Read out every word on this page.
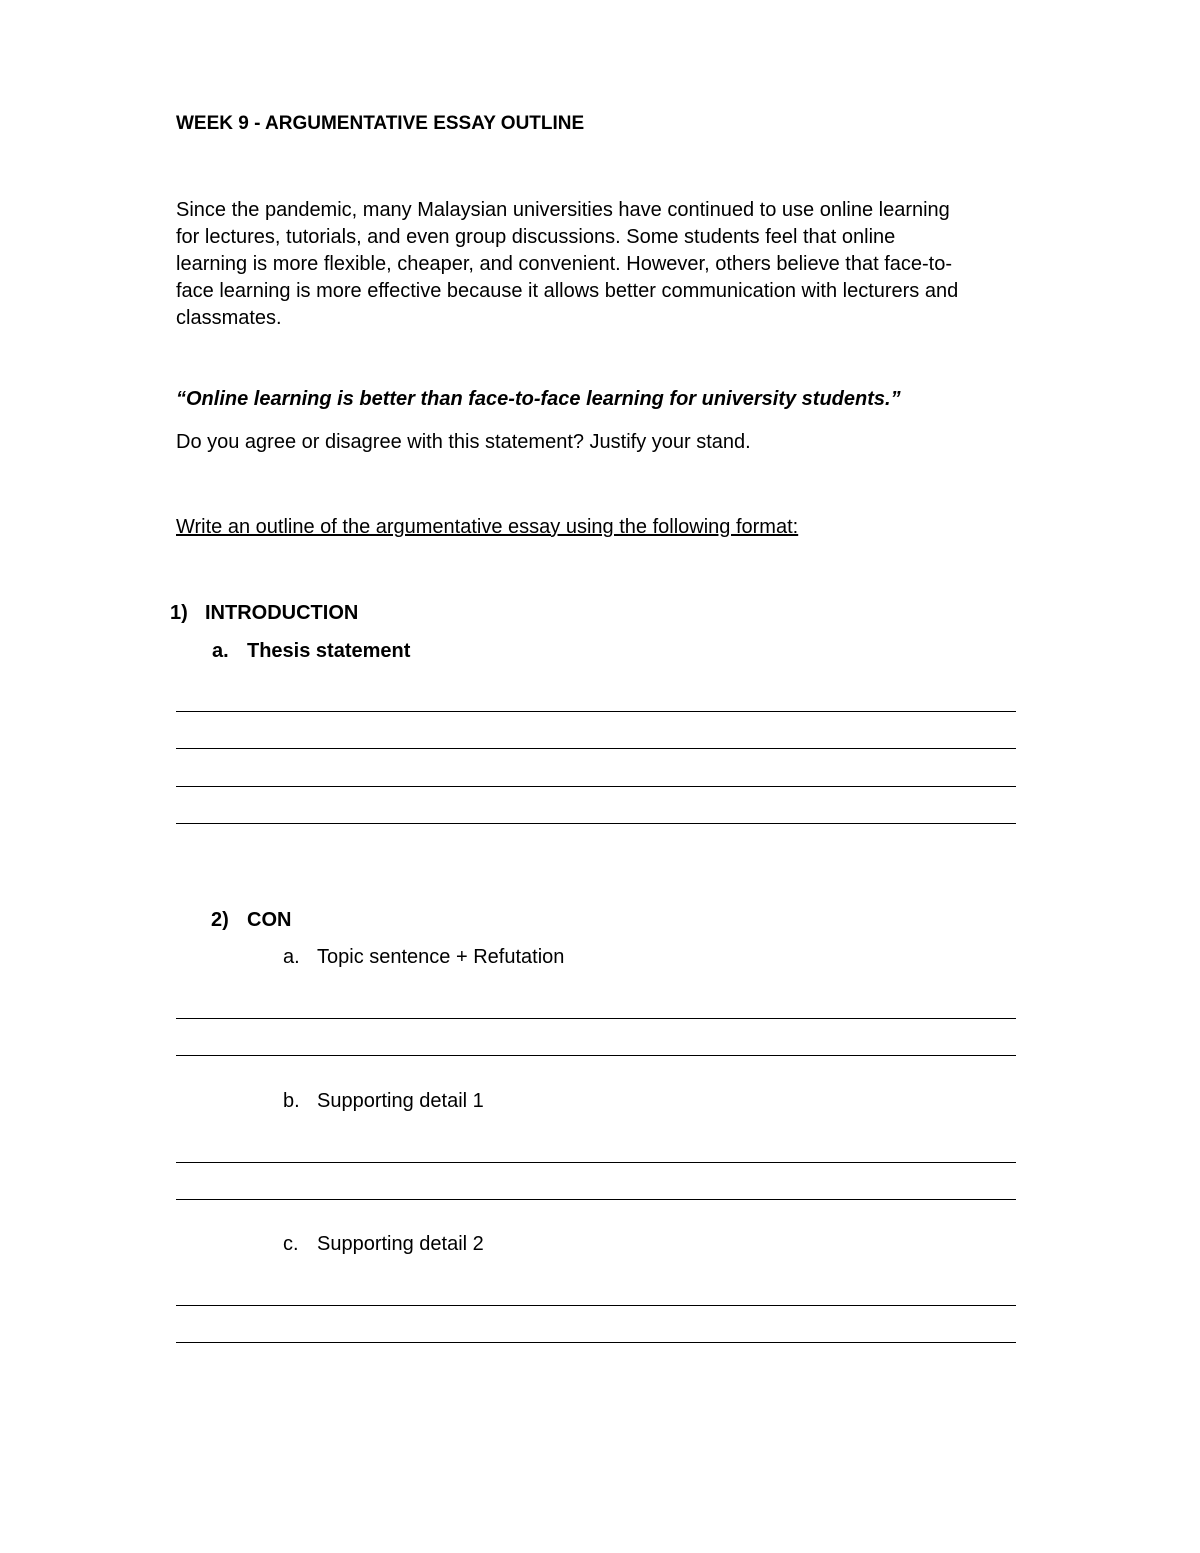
WEEK 9 - ARGUMENTATIVE ESSAY OUTLINE
Since the pandemic, many Malaysian universities have continued to use online learning
for lectures, tutorials, and even group discussions. Some students feel that online
learning is more flexible, cheaper, and convenient. However, others believe that face-to-
face learning is more effective because it allows better communication with lecturers and
classmates.
“Online learning is better than face-to-face learning for university students.”
Do you agree or disagree with this statement? Justify your stand.
Write an outline of the argumentative essay using the following format:
1) INTRODUCTION
a. Thesis statement
2) CON
a. Topic sentence + Refutation
b. Supporting detail 1
c. Supporting detail 2
